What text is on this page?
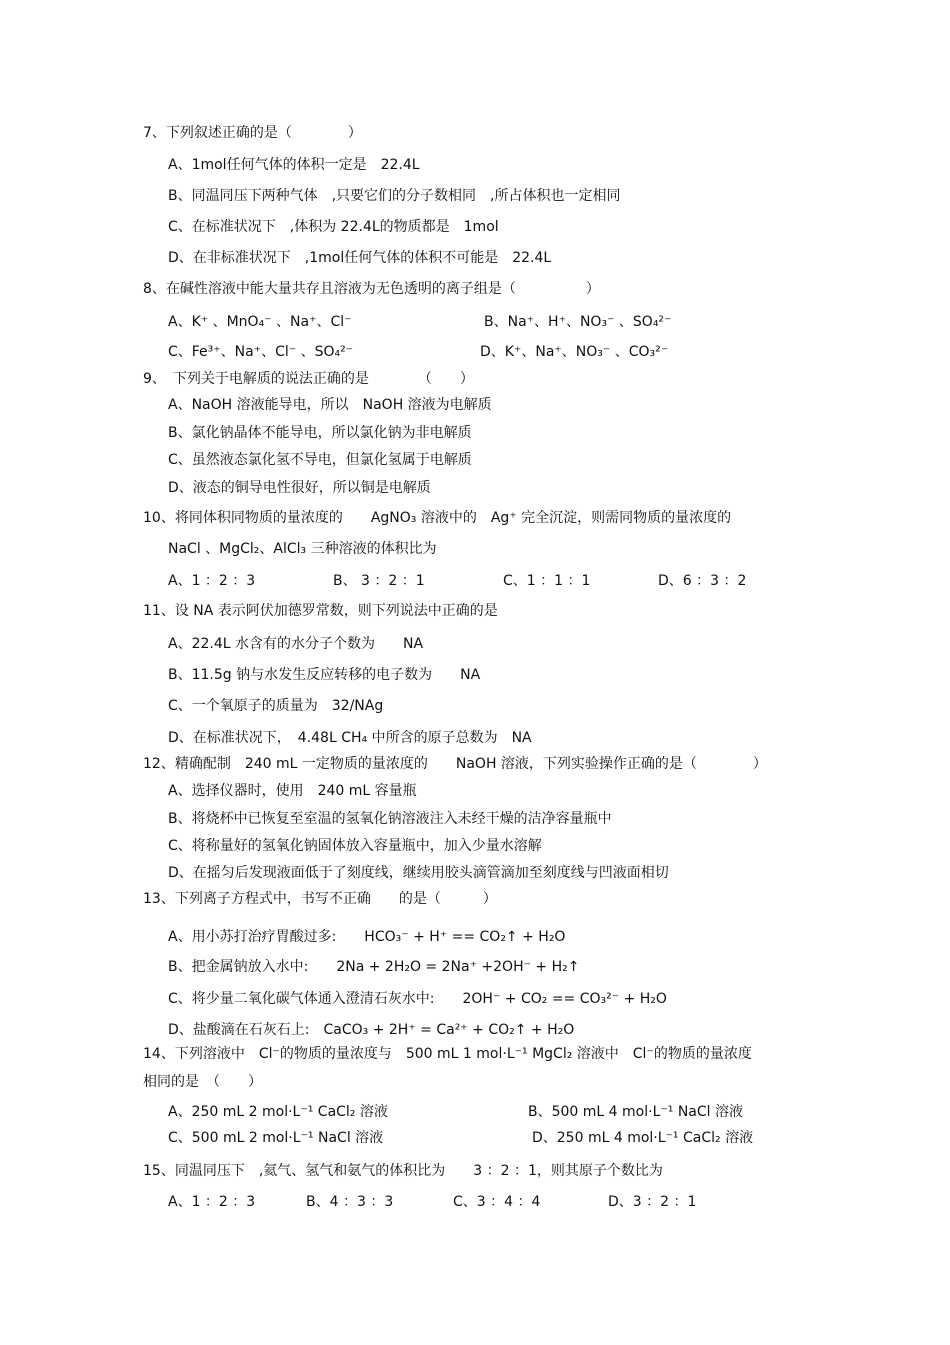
7、下列叙述正确的是（　　　　）
A、1mol任何气体的体积一定是　22.4L
B、同温同压下两种气体　,只要它们的分子数相同　,所占体积也一定相同
C、在标准状况下　,体积为 22.4L的物质都是　1mol
D、在非标准状况下　,1mol任何气体的体积不可能是　22.4L
8、在碱性溶液中能大量共存且溶液为无色透明的离子组是（　　　　　）
A、K⁺ 、MnO₄⁻ 、Na⁺、Cl⁻	B、Na⁺、H⁺、NO₃⁻ 、SO₄²⁻
C、Fe³⁺、Na⁺、Cl⁻ 、SO₄²⁻	D、K⁺、Na⁺、NO₃⁻ 、CO₃²⁻
9、　下列关于电解质的说法正确的是　　　　（　　）
A、NaOH 溶液能导电，所以　NaOH 溶液为电解质
B、氯化钠晶体不能导电，所以氯化钠为非电解质
C、虽然液态氯化氢不导电，但氯化氢属于电解质
D、液态的铜导电性很好，所以铜是电解质
10、将同体积同物质的量浓度的　　AgNO₃ 溶液中的　Ag⁺ 完全沉淀，则需同物质的量浓度的
NaCl 、MgCl₂、AlCl₃ 三种溶液的体积比为
A、1 ：2 ：3	B、 3 ：2 ：1	C、1 ：1 ：1	D、6 ：3 ：2
11、设 NA 表示阿伏加德罗常数，则下列说法中正确的是
A、22.4L 水含有的水分子个数为　　NA
B、11.5g 钠与水发生反应转移的电子数为　　NA
C、一个氧原子的质量为　32/NAg
D、在标准状况下，　4.48L CH₄ 中所含的原子总数为　NA
12、精确配制　240 mL 一定物质的量浓度的　　NaOH 溶液，下列实验操作正确的是（　　　　）
A、选择仪器时，使用　240 mL 容量瓶
B、将烧杯中已恢复至室温的氢氧化钠溶液注入未经干燥的洁净容量瓶中
C、将称量好的氢氧化钠固体放入容量瓶中，加入少量水溶解
D、在摇匀后发现液面低于了刻度线，继续用胶头滴管滴加至刻度线与凹液面相切
13、下列离子方程式中，书写不正确　　的是（　　　）
A、用小苏打治疗胃酸过多:　　HCO₃⁻ + H⁺ == CO₂↑ + H₂O
B、把金属钠放入水中:　　2Na + 2H₂O = 2Na⁺ +2OH⁻ + H₂↑
C、将少量二氧化碳气体通入澄清石灰水中:　　2OH⁻ + CO₂ == CO₃²⁻ + H₂O
D、盐酸滴在石灰石上:　CaCO₃ + 2H⁺ = Ca²⁺ + CO₂↑ + H₂O
14、下列溶液中　Cl⁻的物质的量浓度与　500 mL 1 mol·L⁻¹ MgCl₂ 溶液中　Cl⁻的物质的量浓度
相同的是　（　　）
A、250 mL 2 mol·L⁻¹ CaCl₂ 溶液	B、500 mL 4 mol·L⁻¹ NaCl 溶液
C、500 mL 2 mol·L⁻¹ NaCl 溶液	D、250 mL 4 mol·L⁻¹ CaCl₂ 溶液
15、同温同压下　,氦气、氢气和氨气的体积比为　　3 ：2 ：1，则其原子个数比为
A、1 ：2 ：3	B、4 ：3 ：3	C、3 ：4 ：4	D、3 ：2 ：1
